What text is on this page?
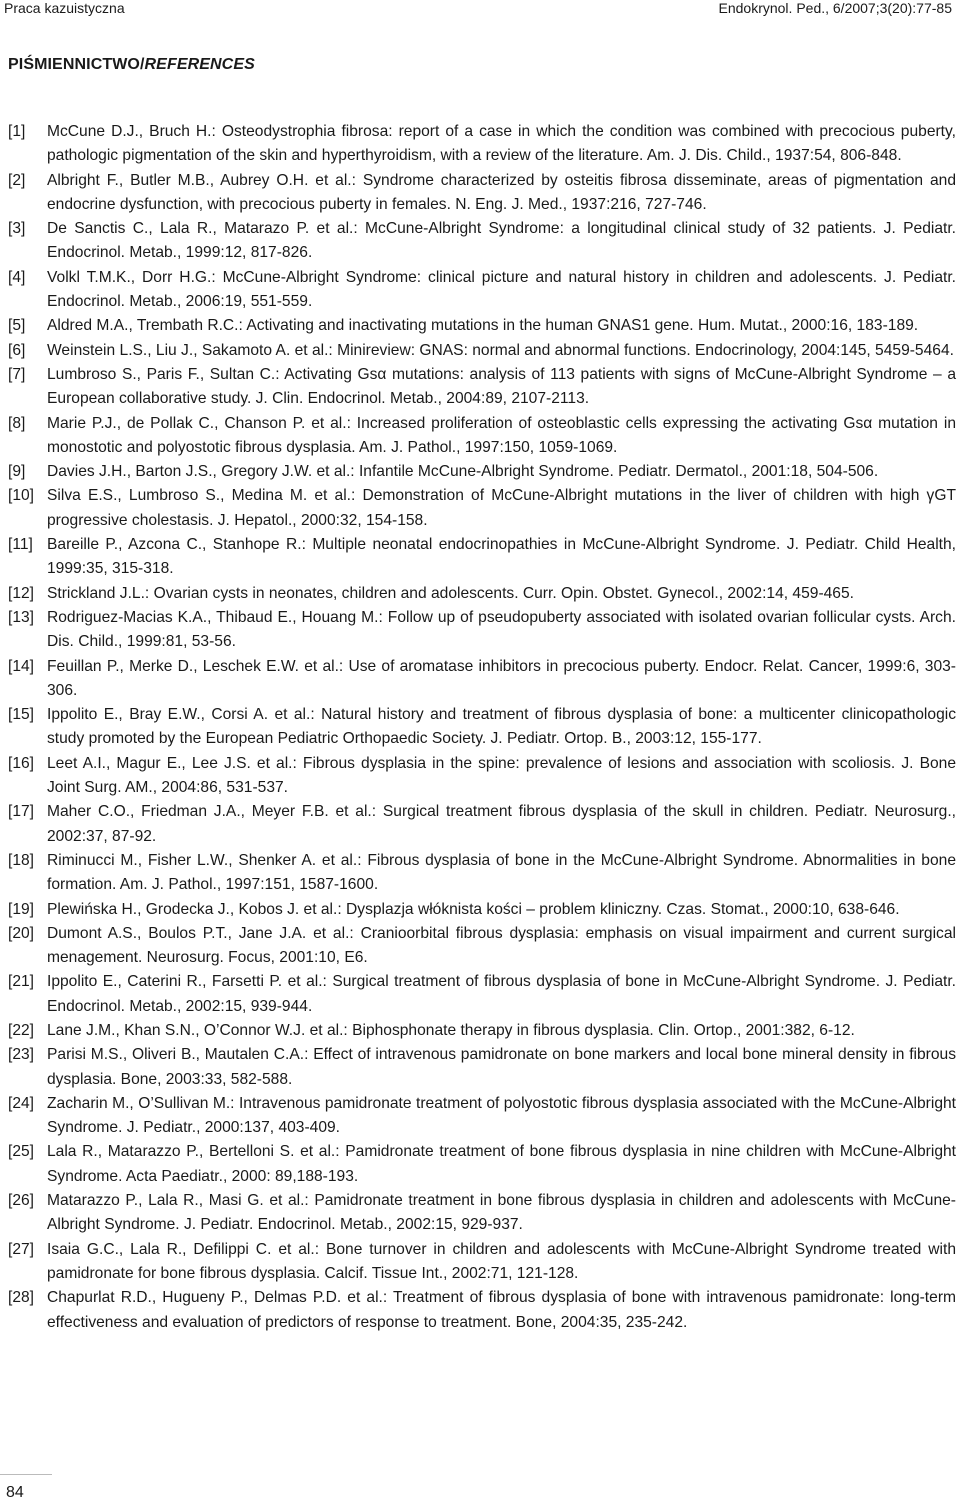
Praca kazuistyczna	Endokrynol. Ped., 6/2007;3(20):77-85
PIŚMIENNICTWO/REFERENCES
[1] McCune D.J., Bruch H.: Osteodystrophia fibrosa: report of a case in which the condition was combined with precocious puberty, pathologic pigmentation of the skin and hyperthyroidism, with a review of the literature. Am. J. Dis. Child., 1937:54, 806-848.
[2] Albright F., Butler M.B., Aubrey O.H. et al.: Syndrome characterized by osteitis fibrosa disseminate, areas of pigmentation and endocrine dysfunction, with precocious puberty in females. N. Eng. J. Med., 1937:216, 727-746.
[3] De Sanctis C., Lala R., Matarazo P. et al.: McCune-Albright Syndrome: a longitudinal clinical study of 32 patients. J. Pediatr. Endocrinol. Metab., 1999:12, 817-826.
[4] Volkl T.M.K., Dorr H.G.: McCune-Albright Syndrome: clinical picture and natural history in children and adolescents. J. Pediatr. Endocrinol. Metab., 2006:19, 551-559.
[5] Aldred M.A., Trembath R.C.: Activating and inactivating mutations in the human GNAS1 gene. Hum. Mutat., 2000:16, 183-189.
[6] Weinstein L.S., Liu J., Sakamoto A. et al.: Minireview: GNAS: normal and abnormal functions. Endocrinology, 2004:145, 5459-5464.
[7] Lumbroso S., Paris F., Sultan C.: Activating Gsα mutations: analysis of 113 patients with signs of McCune-Albright Syndrome – a European collaborative study. J. Clin. Endocrinol. Metab., 2004:89, 2107-2113.
[8] Marie P.J., de Pollak C., Chanson P. et al.: Increased proliferation of osteoblastic cells expressing the activating Gsα mutation in monostotic and polyostotic fibrous dysplasia. Am. J. Pathol., 1997:150, 1059-1069.
[9] Davies J.H., Barton J.S., Gregory J.W. et al.: Infantile McCune-Albright Syndrome. Pediatr. Dermatol., 2001:18, 504-506.
[10] Silva E.S., Lumbroso S., Medina M. et al.: Demonstration of McCune-Albright mutations in the liver of children with high γGT progressive cholestasis. J. Hepatol., 2000:32, 154-158.
[11] Bareille P., Azcona C., Stanhope R.: Multiple neonatal endocrinopathies in McCune-Albright Syndrome. J. Pediatr. Child Health, 1999:35, 315-318.
[12] Strickland J.L.: Ovarian cysts in neonates, children and adolescents. Curr. Opin. Obstet. Gynecol., 2002:14, 459-465.
[13] Rodriguez-Macias K.A., Thibaud E., Houang M.: Follow up of pseudopuberty associated with isolated ovarian follicular cysts. Arch. Dis. Child., 1999:81, 53-56.
[14] Feuillan P., Merke D., Leschek E.W. et al.: Use of aromatase inhibitors in precocious puberty. Endocr. Relat. Cancer, 1999:6, 303-306.
[15] Ippolito E., Bray E.W., Corsi A. et al.: Natural history and treatment of fibrous dysplasia of bone: a multicenter clinicopathologic study promoted by the European Pediatric Orthopaedic Society. J. Pediatr. Ortop. B., 2003:12, 155-177.
[16] Leet A.I., Magur E., Lee J.S. et al.: Fibrous dysplasia in the spine: prevalence of lesions and association with scoliosis. J. Bone Joint Surg. AM., 2004:86, 531-537.
[17] Maher C.O., Friedman J.A., Meyer F.B. et al.: Surgical treatment fibrous dysplasia of the skull in children. Pediatr. Neurosurg., 2002:37, 87-92.
[18] Riminucci M., Fisher L.W., Shenker A. et al.: Fibrous dysplasia of bone in the McCune-Albright Syndrome. Abnormalities in bone formation. Am. J. Pathol., 1997:151, 1587-1600.
[19] Plewińska H., Grodecka J., Kobos J. et al.: Dysplazja włóknista kości – problem kliniczny. Czas. Stomat., 2000:10, 638-646.
[20] Dumont A.S., Boulos P.T., Jane J.A. et al.: Cranioorbital fibrous dysplasia: emphasis on visual impairment and current surgical menagement. Neurosurg. Focus, 2001:10, E6.
[21] Ippolito E., Caterini R., Farsetti P. et al.: Surgical treatment of fibrous dysplasia of bone in McCune-Albright Syndrome. J. Pediatr. Endocrinol. Metab., 2002:15, 939-944.
[22] Lane J.M., Khan S.N., O’Connor W.J. et al.: Biphosphonate therapy in fibrous dysplasia. Clin. Ortop., 2001:382, 6-12.
[23] Parisi M.S., Oliveri B., Mautalen C.A.: Effect of intravenous pamidronate on bone markers and local bone mineral density in fibrous dysplasia. Bone, 2003:33, 582-588.
[24] Zacharin M., O’Sullivan M.: Intravenous pamidronate treatment of polyostotic fibrous dysplasia associated with the McCune-Albright Syndrome. J. Pediatr., 2000:137, 403-409.
[25] Lala R., Matarazzo P., Bertelloni S. et al.: Pamidronate treatment of bone fibrous dysplasia in nine children with McCune-Albright Syndrome. Acta Paediatr., 2000: 89,188-193.
[26] Matarazzo P., Lala R., Masi G. et al.: Pamidronate treatment in bone fibrous dysplasia in children and adolescents with McCune-Albright Syndrome. J. Pediatr. Endocrinol. Metab., 2002:15, 929-937.
[27] Isaia G.C., Lala R., Defilippi C. et al.: Bone turnover in children and adolescents with McCune-Albright Syndrome treated with pamidronate for bone fibrous dysplasia. Calcif. Tissue Int., 2002:71, 121-128.
[28] Chapurlat R.D., Hugueny P., Delmas P.D. et al.: Treatment of fibrous dysplasia of bone with intravenous pamidronate: long-term effectiveness and evaluation of predictors of response to treatment. Bone, 2004:35, 235-242.
84
